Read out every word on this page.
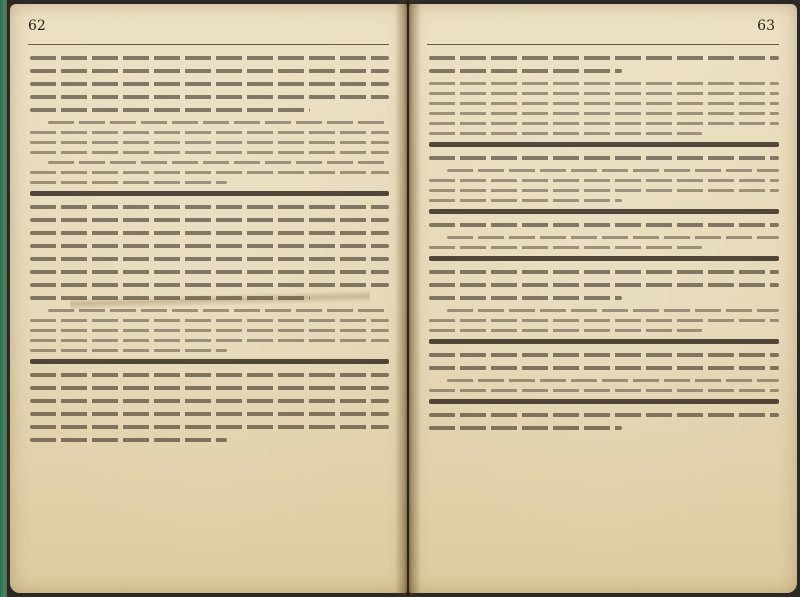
62	63
